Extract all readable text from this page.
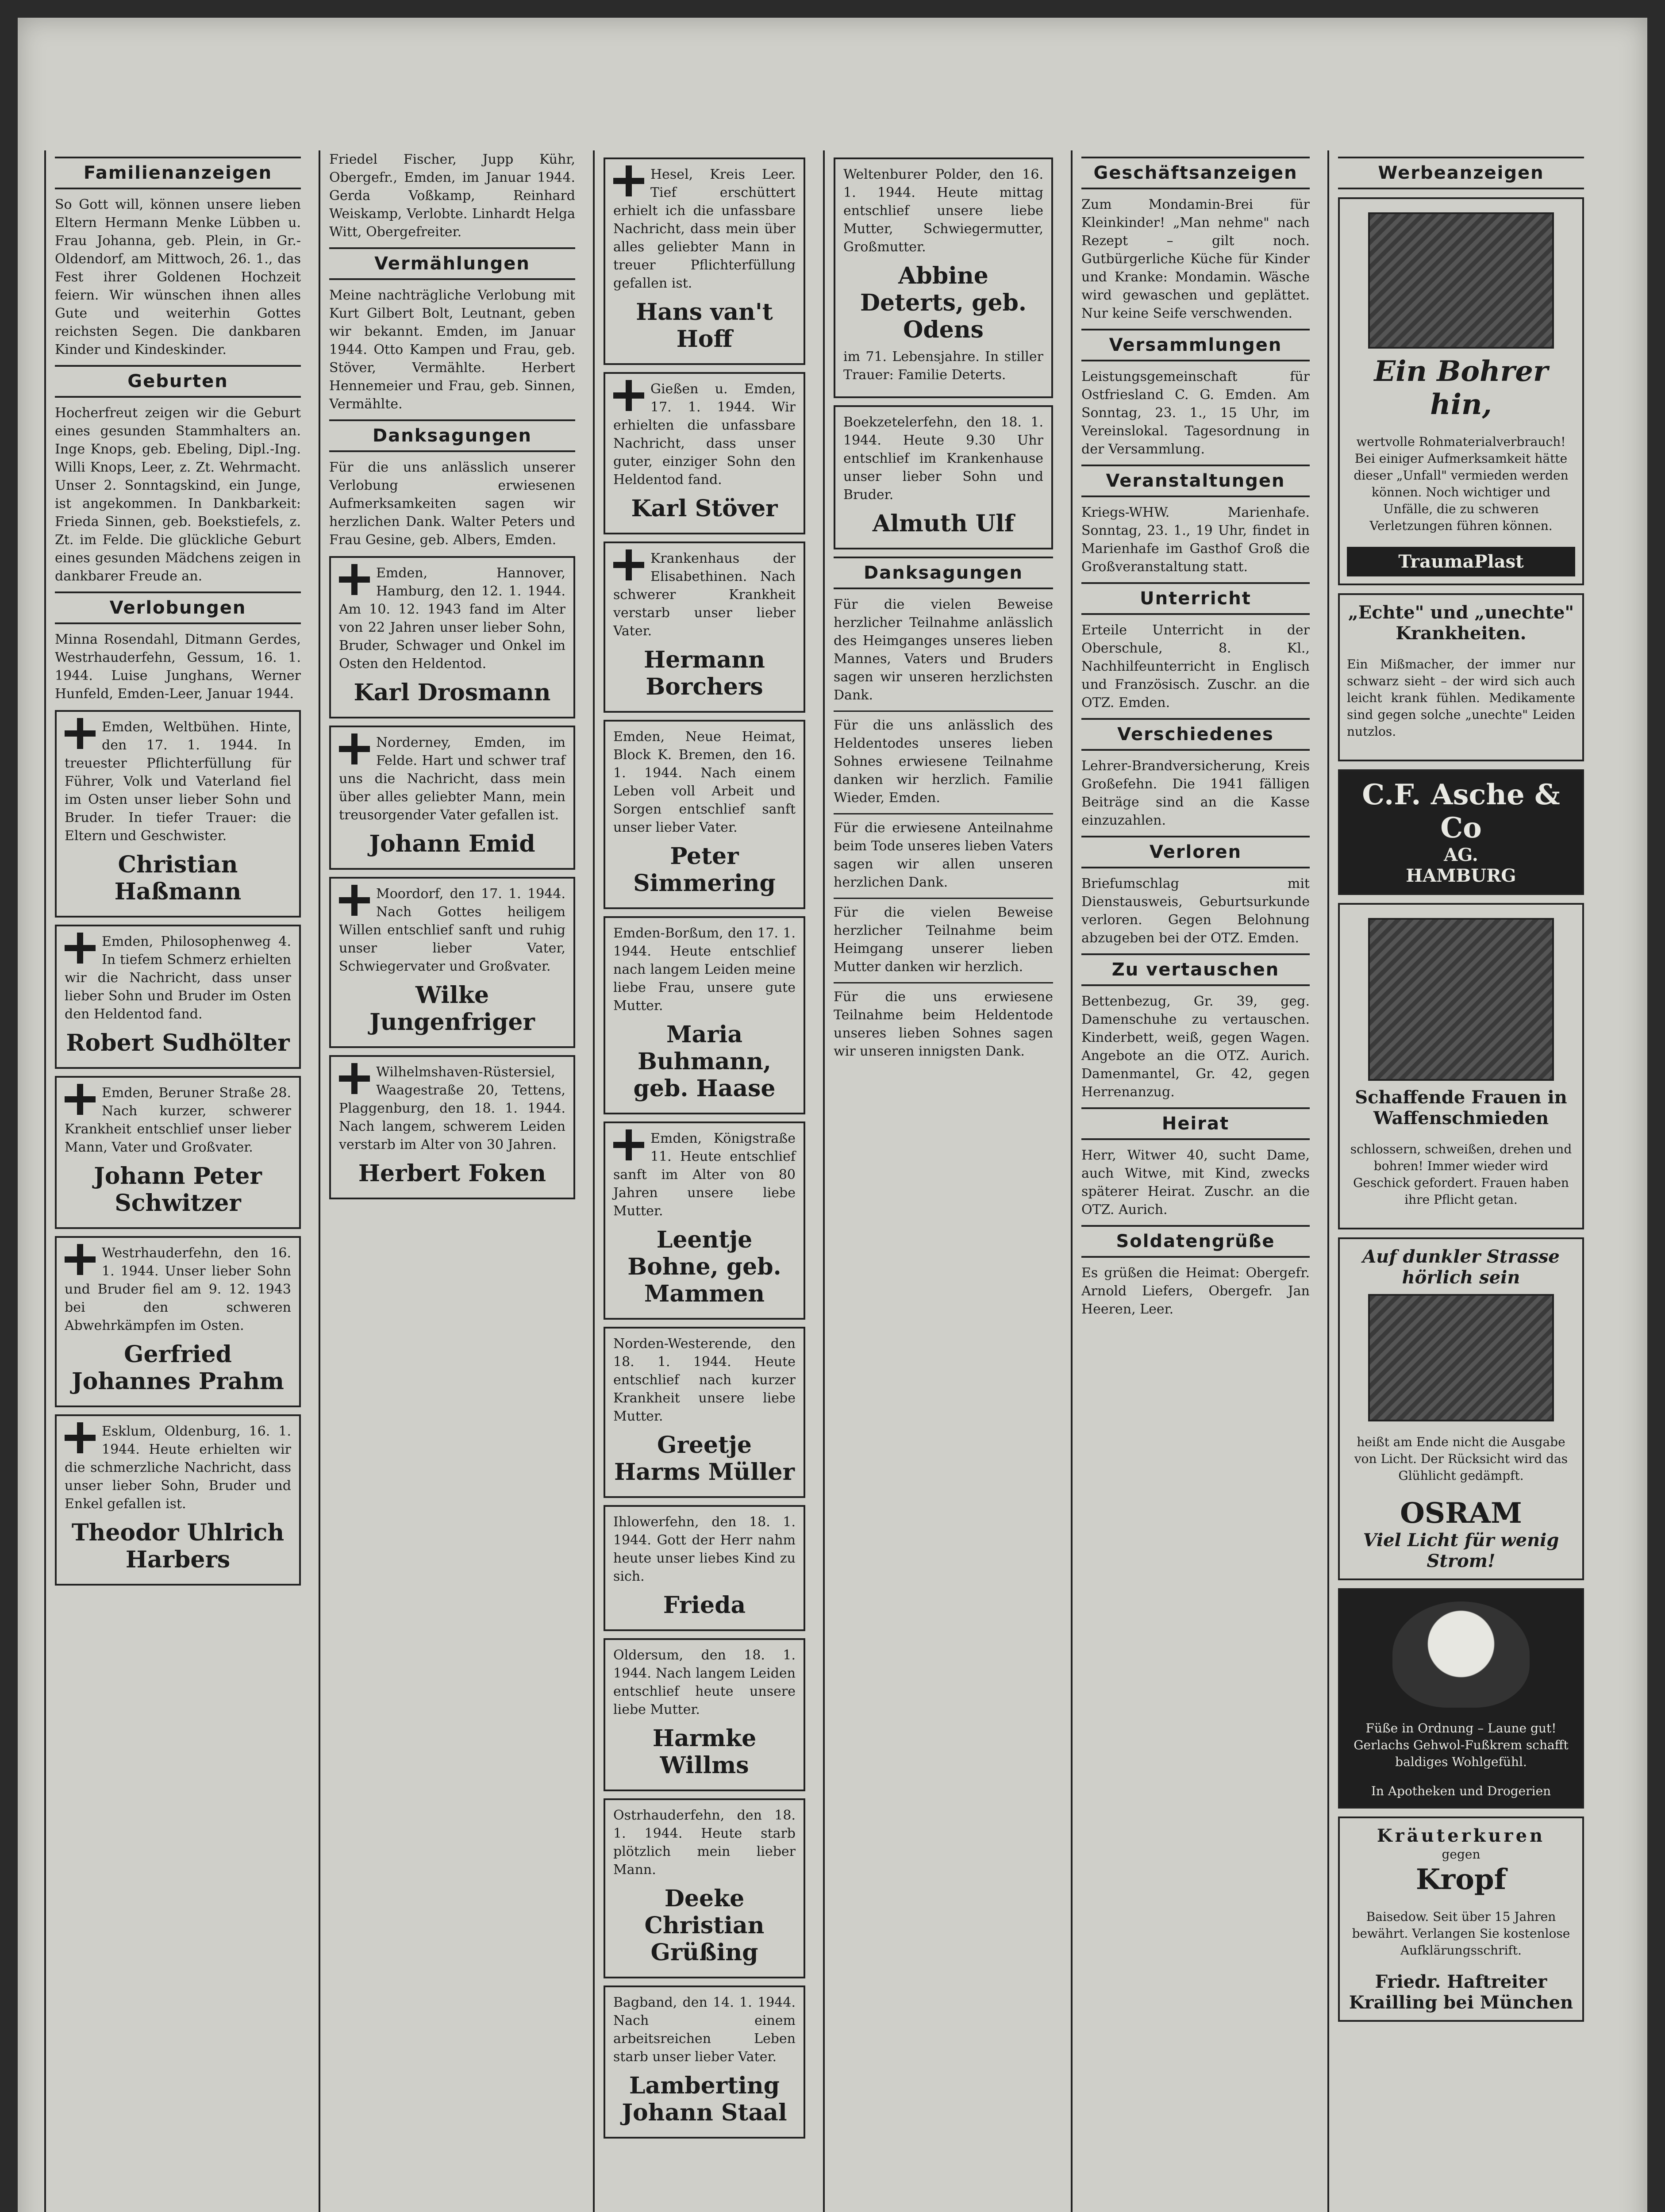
Familienanzeigen

So Gott will, können unsere lieben Eltern Hermann Menke Lübben u. Frau Johanna, geb. Plein, in Gr.-Oldendorf, am Mittwoch, 26. 1., das Fest ihrer Goldenen Hochzeit feiern. Wir wünschen ihnen alles Gute und weiterhin Gottes reichsten Segen. Die dankbaren Kinder und Kindeskinder.

Geburten

Hocherfreut zeigen wir die Geburt eines gesunden Stammhalters an. Inge Knops, geb. Ebeling, Dipl.-Ing. Willi Knops, Leer, z. Zt. Wehrmacht. Unser 2. Sonntagskind, ein Junge, ist angekommen. In Dankbarkeit: Frieda Sinnen, geb. Boekstiefels, z. Zt. im Felde. Die glückliche Geburt eines gesunden Mädchens zeigen in dankbarer Freude an.

Verlobungen

Minna Rosendahl, Ditmann Gerdes, Westrhauderfehn, Gessum, 16. 1. 1944. Luise Junghans, Werner Hunfeld, Emden-Leer, Januar 1944.

Emden, Weltbühen. Hinte, den 17. 1. 1944. In treuester Pflichterfüllung für Führer, Volk und Vaterland fiel im Osten unser lieber Sohn und Bruder. In tiefer Trauer: die Eltern und Geschwister.

Christian Haßmann

Emden, Philosophenweg 4. In tiefem Schmerz erhielten wir die Nachricht, dass unser lieber Sohn und Bruder im Osten den Heldentod fand.

Robert Sudhölter

Emden, Beruner Straße 28. Nach kurzer, schwerer Krankheit entschlief unser lieber Mann, Vater und Großvater.

Johann Peter Schwitzer

Westrhauderfehn, den 16. 1. 1944. Unser lieber Sohn und Bruder fiel am 9. 12. 1943 bei den schweren Abwehrkämpfen im Osten.

Gerfried Johannes Prahm

Esklum, Oldenburg, 16. 1. 1944. Heute erhielten wir die schmerzliche Nachricht, dass unser lieber Sohn, Bruder und Enkel gefallen ist.

Theodor Uhlrich Harbers

Friedel Fischer, Jupp Kühr, Obergefr., Emden, im Januar 1944. Gerda Voßkamp, Reinhard Weiskamp, Verlobte. Linhardt Helga Witt, Obergefreiter.

Vermählungen

Meine nachträgliche Verlobung mit Kurt Gilbert Bolt, Leutnant, geben wir bekannt. Emden, im Januar 1944. Otto Kampen und Frau, geb. Stöver, Vermählte. Herbert Hennemeier und Frau, geb. Sinnen, Vermählte.

Danksagungen

Für die uns anlässlich unserer Verlobung erwiesenen Aufmerksamkeiten sagen wir herzlichen Dank. Walter Peters und Frau Gesine, geb. Albers, Emden.

Emden, Hannover, Hamburg, den 12. 1. 1944. Am 10. 12. 1943 fand im Alter von 22 Jahren unser lieber Sohn, Bruder, Schwager und Onkel im Osten den Heldentod.

Karl Drosmann

Norderney, Emden, im Felde. Hart und schwer traf uns die Nachricht, dass mein über alles geliebter Mann, mein treusorgender Vater gefallen ist.

Johann Emid

Moordorf, den 17. 1. 1944. Nach Gottes heiligem Willen entschlief sanft und ruhig unser lieber Vater, Schwiegervater und Großvater.

Wilke Jungenfriger

Wilhelmshaven-Rüstersiel, Waagestraße 20, Tettens, Plaggenburg, den 18. 1. 1944. Nach langem, schwerem Leiden verstarb im Alter von 30 Jahren.

Herbert Foken

Hesel, Kreis Leer. Tief erschüttert erhielt ich die unfassbare Nachricht, dass mein über alles geliebter Mann in treuer Pflichterfüllung gefallen ist.

Hans van't Hoff

Gießen u. Emden, 17. 1. 1944. Wir erhielten die unfassbare Nachricht, dass unser guter, einziger Sohn den Heldentod fand.

Karl Stöver

Krankenhaus der Elisabethinen. Nach schwerer Krankheit verstarb unser lieber Vater.

Hermann Borchers

Emden, Neue Heimat, Block K. Bremen, den 16. 1. 1944. Nach einem Leben voll Arbeit und Sorgen entschlief sanft unser lieber Vater.

Peter Simmering

Emden-Borßum, den 17. 1. 1944. Heute entschlief nach langem Leiden meine liebe Frau, unsere gute Mutter.

Maria Buhmann, geb. Haase

Emden, Königstraße 11. Heute entschlief sanft im Alter von 80 Jahren unsere liebe Mutter.

Leentje Bohne, geb. Mammen

Norden-Westerende, den 18. 1. 1944. Heute entschlief nach kurzer Krankheit unsere liebe Mutter.

Greetje Harms Müller

Ihlowerfehn, den 18. 1. 1944. Gott der Herr nahm heute unser liebes Kind zu sich.

Frieda

Oldersum, den 18. 1. 1944. Nach langem Leiden entschlief heute unsere liebe Mutter.

Harmke Willms

Ostrhauderfehn, den 18. 1. 1944. Heute starb plötzlich mein lieber Mann.

Deeke Christian Grüßing

Bagband, den 14. 1. 1944. Nach einem arbeitsreichen Leben starb unser lieber Vater.

Lamberting Johann Staal

Weltenburer Polder, den 16. 1. 1944. Heute mittag entschlief unsere liebe Mutter, Schwiegermutter, Großmutter.

Abbine Deterts, geb. Odens

im 71. Lebensjahre. In stiller Trauer: Familie Deterts.

Boekzetelerfehn, den 18. 1. 1944. Heute 9.30 Uhr entschlief im Krankenhause unser lieber Sohn und Bruder.

Almuth Ulf
Danksagungen

Für die vielen Beweise herzlicher Teilnahme anlässlich des Heimganges unseres lieben Mannes, Vaters und Bruders sagen wir unseren herzlichsten Dank.

Für die uns anlässlich des Heldentodes unseres lieben Sohnes erwiesene Teilnahme danken wir herzlich. Familie Wieder, Emden.

Für die erwiesene Anteilnahme beim Tode unseres lieben Vaters sagen wir allen unseren herzlichen Dank.

Für die vielen Beweise herzlicher Teilnahme beim Heimgang unserer lieben Mutter danken wir herzlich.

Für die uns erwiesene Teilnahme beim Heldentode unseres lieben Sohnes sagen wir unseren innigsten Dank.

Geschäftsanzeigen

Zum Mondamin-Brei für Kleinkinder! „Man nehme" nach Rezept – gilt noch. Gutbürgerliche Küche für Kinder und Kranke: Mondamin. Wäsche wird gewaschen und geplättet. Nur keine Seife verschwenden.

Versammlungen

Leistungsgemeinschaft für Ostfriesland C. G. Emden. Am Sonntag, 23. 1., 15 Uhr, im Vereinslokal. Tagesordnung in der Versammlung.

Veranstaltungen

Kriegs-WHW. Marienhafe. Sonntag, 23. 1., 19 Uhr, findet in Marienhafe im Gasthof Groß die Großveranstaltung statt.

Unterricht

Erteile Unterricht in der Oberschule, 8. Kl., Nachhilfeunterricht in Englisch und Französisch. Zuschr. an die OTZ. Emden.

Verschiedenes

Lehrer-Brandversicherung, Kreis Großefehn. Die 1941 fälligen Beiträge sind an die Kasse einzuzahlen.

Verloren

Briefumschlag mit Dienstausweis, Geburtsurkunde verloren. Gegen Belohnung abzugeben bei der OTZ. Emden.

Zu vertauschen

Bettenbezug, Gr. 39, geg. Damenschuhe zu vertauschen. Kinderbett, weiß, gegen Wagen. Angebote an die OTZ. Aurich. Damenmantel, Gr. 42, gegen Herrenanzug.

Heirat

Herr, Witwer 40, sucht Dame, auch Witwe, mit Kind, zwecks späterer Heirat. Zuschr. an die OTZ. Aurich.

Soldatengrüße

Es grüßen die Heimat: Obergefr. Arnold Liefers, Obergefr. Jan Heeren, Leer.

Werbeanzeigen
Ein Bohrer hin,

wertvolle Rohmaterialverbrauch! Bei einiger Aufmerksamkeit hätte dieser „Unfall" vermieden werden können. Noch wichtiger und Unfälle, die zu schweren Verletzungen führen können.

TraumaPlast
„Echte" und „unechte" Krankheiten.

Ein Mißmacher, der immer nur schwarz sieht – der wird sich auch leicht krank fühlen. Medikamente sind gegen solche „unechte" Leiden nutzlos.

C.F. Asche & Co
AG.
HAMBURG
Schaffende Frauen in Waffenschmieden

schlossern, schweißen, drehen und bohren! Immer wieder wird Geschick gefordert. Frauen haben ihre Pflicht getan.

Auf dunkler Strasse hörlich sein

heißt am Ende nicht die Ausgabe von Licht. Der Rücksicht wird das Glühlicht gedämpft.

OSRAM
Viel Licht für wenig Strom!

Füße in Ordnung – Laune gut! Gerlachs Gehwol-Fußkrem schafft baldiges Wohlgefühl.

In Apotheken und Drogerien
Kräuterkuren
gegen
Kropf

Baisedow. Seit über 15 Jahren bewährt. Verlangen Sie kostenlose Aufklärungsschrift.

Friedr. Haftreiter Krailling bei München
